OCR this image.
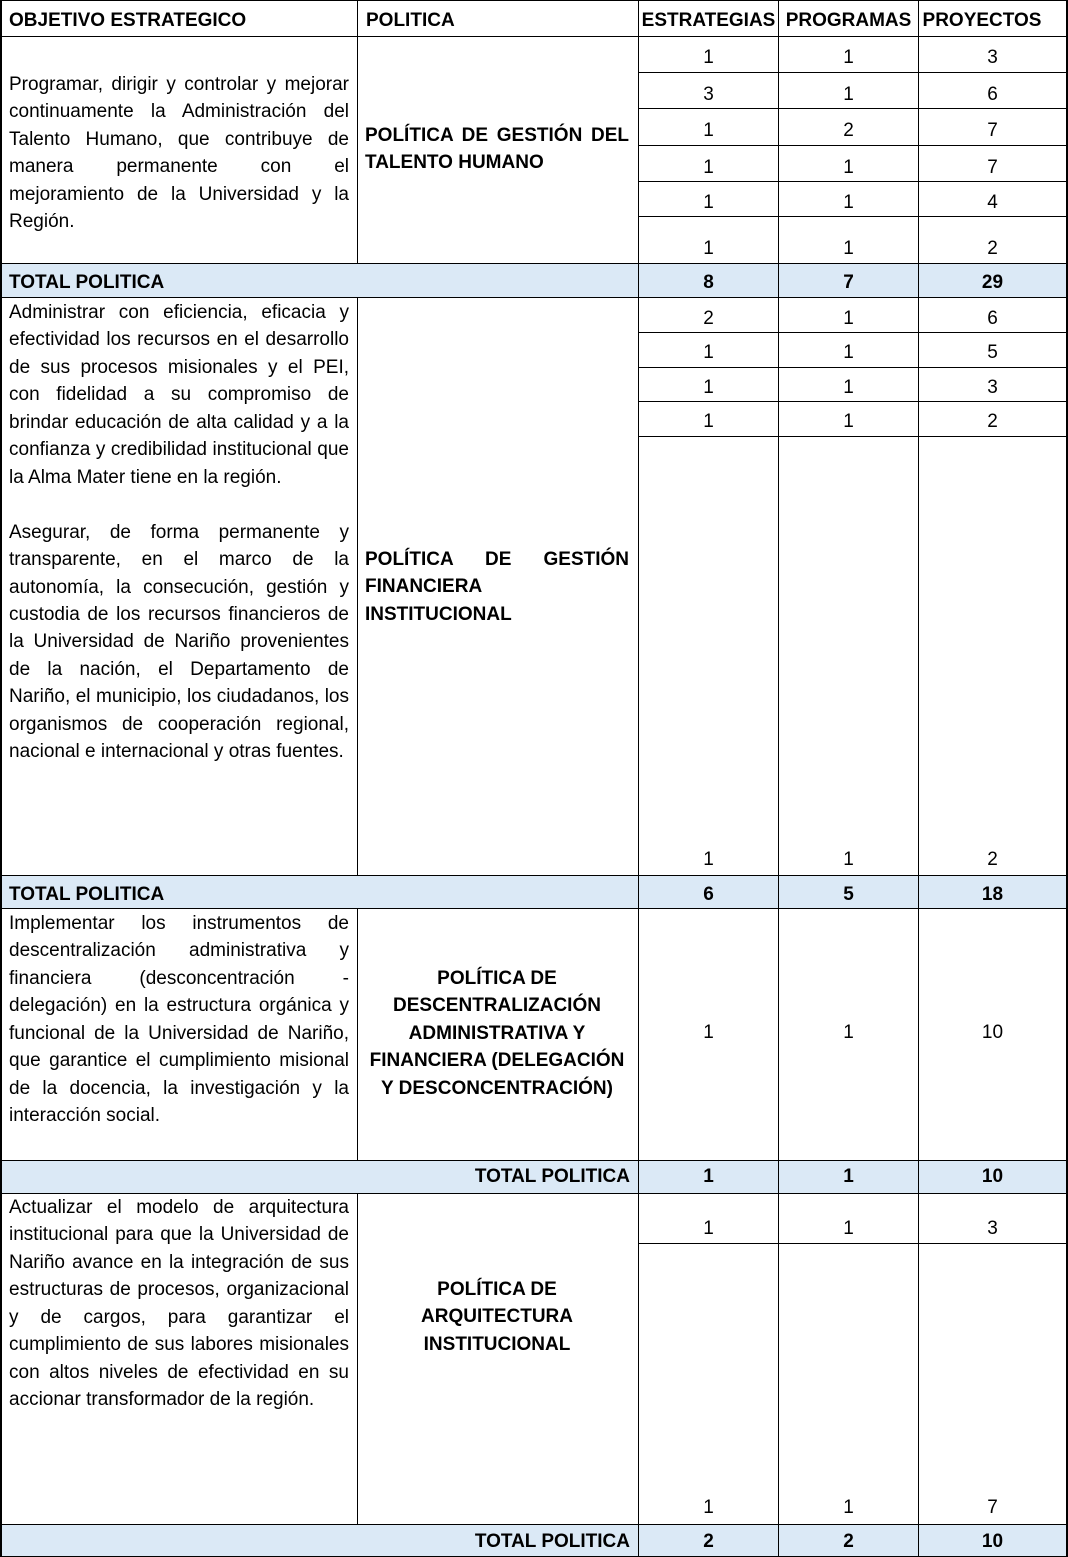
OBJETIVO ESTRATEGICO	POLITICA	ESTRATEGIAS PROGRAMAS PROYECTOS
Programar, dirigir y controlar y mejorar continuamente la Administración del Talento Humano, que contribuye de manera permanente con el mejoramiento de la Universidad y la Región.
POLÍTICA DE GESTIÓN DEL TALENTO HUMANO
1	1	3
3	1	6
1	2	7
1	1	7
1	1	4
1	1	2
TOTAL POLITICA	8	7	29

Administrar con eficiencia, eficacia y efectividad los recursos en el desarrollo de sus procesos misionales y el PEI, con fidelidad a su compromiso de brindar educación de alta calidad y a la confianza y credibilidad institucional que la Alma Mater tiene en la región.

Asegurar, de forma permanente y transparente, en el marco de la autonomía, la consecución, gestión y custodia de los recursos financieros de la Universidad de Nariño provenientes de la nación, el Departamento de Nariño, el municipio, los ciudadanos, los organismos de cooperación regional, nacional e internacional y otras fuentes.

POLÍTICA DE GESTIÓN FINANCIERA INSTITUCIONAL
2	1	6
1	1	5
1	1	3
1	1	2
1	1	2
TOTAL POLITICA	6	5	18
Implementar los instrumentos de descentralización administrativa y financiera (desconcentración - delegación) en la estructura orgánica y funcional de la Universidad de Nariño, que garantice el cumplimiento misional de la docencia, la investigación y la interacción social.
POLÍTICA DE DESCENTRALIZACIÓN ADMINISTRATIVA Y FINANCIERA (DELEGACIÓN Y DESCONCENTRACIÓN)
1	1	10
TOTAL POLITICA	1	1	10
Actualizar el modelo de arquitectura institucional para que la Universidad de Nariño avance en la integración de sus estructuras de procesos, organizacional y de cargos, para garantizar el cumplimiento de sus labores misionales con altos niveles de efectividad en su accionar transformador de la región.
POLÍTICA DE ARQUITECTURA INSTITUCIONAL
1	1	3
1	1	7
TOTAL POLITICA	2	2	10
